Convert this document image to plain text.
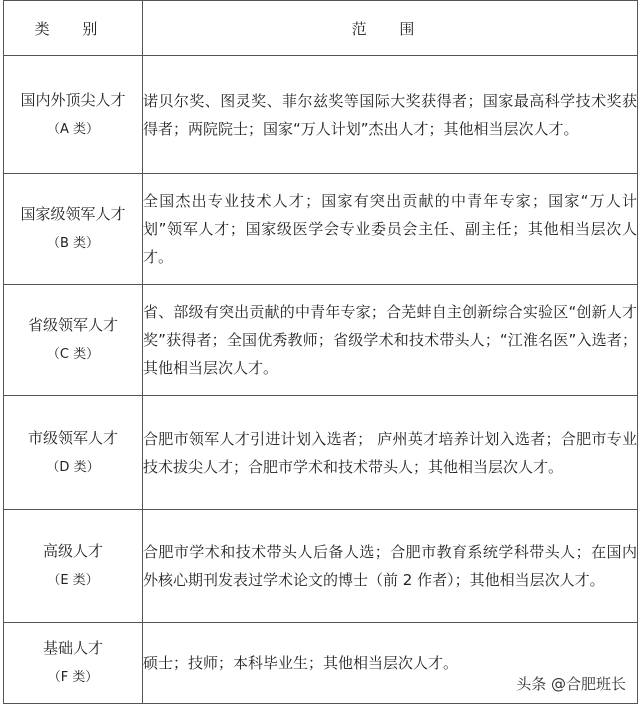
类 别	范 围
国内外顶尖人才
（A 类）	诺贝尔奖、图灵奖、菲尔兹奖等国际大奖获得者；国家最高科学技术奖获得者；两院院士；国家“万人计划”杰出人才；其他相当层次人才。
国家级领军人才
（B 类）	全国杰出专业技术人才；国家有突出贡献的中青年专家；国家“万人计划”领军人才；国家级医学会专业委员会主任、副主任；其他相当层次人才。
省级领军人才
（C 类）	省、部级有突出贡献的中青年专家；合芜蚌自主创新综合实验区“创新人才奖”获得者；全国优秀教师；省级学术和技术带头人；“江淮名医”入选者；其他相当层次人才。
市级领军人才
（D 类）	合肥市领军人才引进计划入选者； 庐州英才培养计划入选者；合肥市专业技术拔尖人才；合肥市学术和技术带头人；其他相当层次人才。
高级人才
（E 类）	合肥市学术和技术带头人后备人选；合肥市教育系统学科带头人；在国内外核心期刊发表过学术论文的博士（前 2 作者）；其他相当层次人才。
基础人才
（F 类）	硕士；技师；本科毕业生；其他相当层次人才。
头条 @合肥班长
